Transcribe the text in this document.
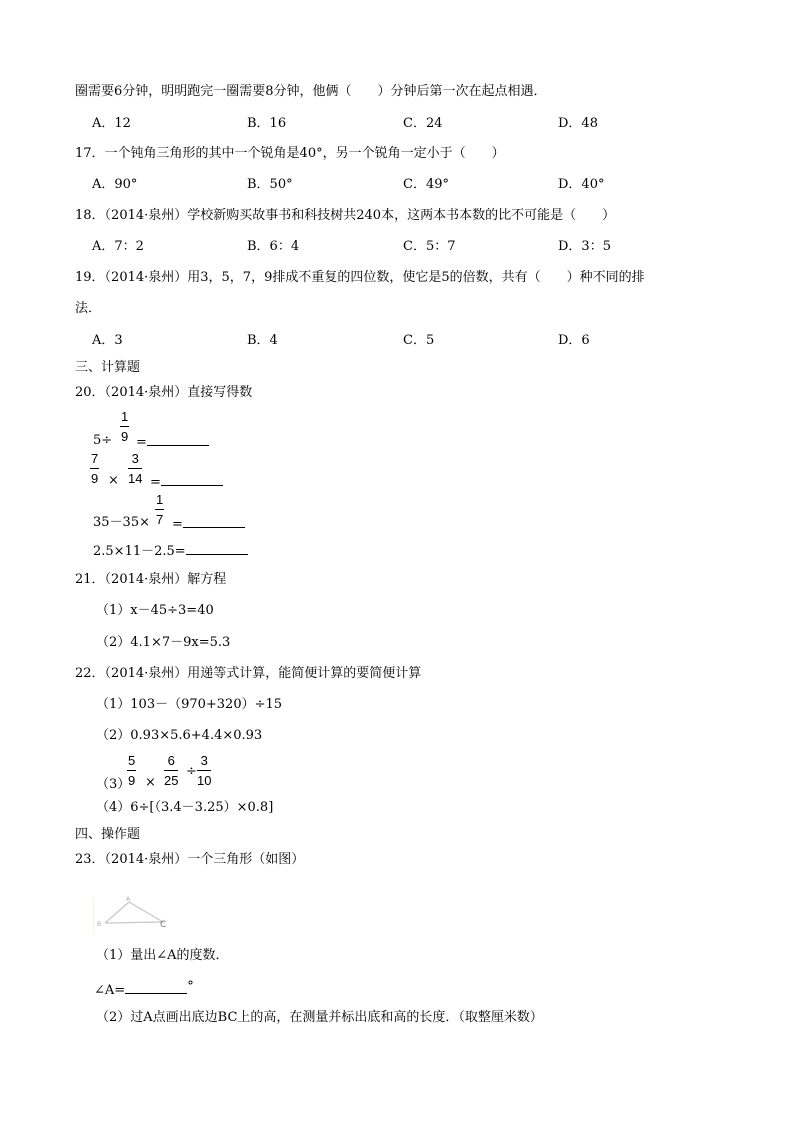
圈需要6分钟，明明跑完一圈需要8分钟，他俩（　　）分钟后第一次在起点相遇．
A．12	B．16	C．24	D．48
17．一个钝角三角形的其中一个锐角是40°，另一个锐角一定小于（　　）
A．90°	B．50°	C．49°	D．40°
18．（2014·泉州）学校新购买故事书和科技树共240本，这两本书本数的比不可能是（　　）
A．7：2	B．6：4	C．5：7	D．3：5
19．（2014·泉州）用3，5，7，9排成不重复的四位数，使它是5的倍数，共有（　　）种不同的排
法．
A．3	B．4	C．5	D．6
三、计算题
20．（2014·泉州）直接写得数
$5\div \frac{1}{9}$ =
$\frac{7}{9} \times \frac{3}{14}$ =
$35-35\times \frac{1}{7}$ =
2.5×11－2.5=
21．（2014·泉州）解方程
（1）x－45÷3=40
（2）4.1×7－9x=5.3
22．（2014·泉州）用递等式计算，能简便计算的要简便计算
（1）103－（970+320）÷15
（2）0.93×5.6+4.4×0.93
（3）
$\frac{5}{9} \times \frac{6}{25} \div \frac{3}{10}$
（4）6÷[（3.4－3.25）×0.8]
四、操作题
23．（2014·泉州）一个三角形（如图）
A
B	C
（1）量出∠A的度数．
∠A=	°
（2）过A点画出底边BC上的高，在测量并标出底和高的长度．（取整厘米数）
